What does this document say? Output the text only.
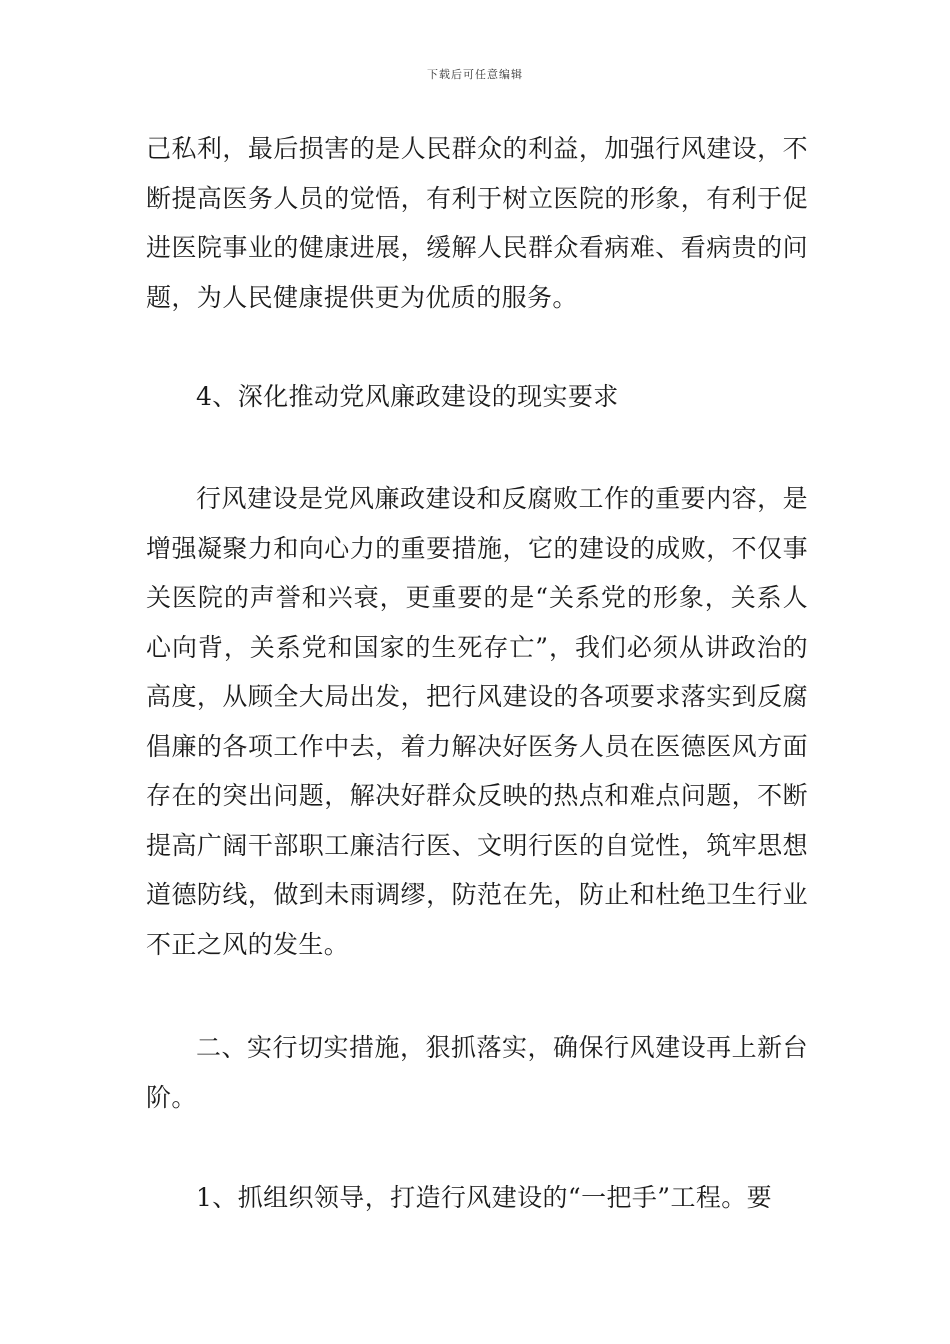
下载后可任意编辑

己私利，最后损害的是人民群众的利益，加强行风建设，不断提高医务人员的觉悟，有利于树立医院的形象，有利于促进医院事业的健康进展，缓解人民群众看病难、看病贵的问题，为人民健康提供更为优质的服务。

4、深化推动党风廉政建设的现实要求

行风建设是党风廉政建设和反腐败工作的重要内容，是增强凝聚力和向心力的重要措施，它的建设的成败，不仅事关医院的声誉和兴衰，更重要的是“关系党的形象，关系人心向背，关系党和国家的生死存亡”，我们必须从讲政治的高度，从顾全大局出发，把行风建设的各项要求落实到反腐倡廉的各项工作中去，着力解决好医务人员在医德医风方面存在的突出问题，解决好群众反映的热点和难点问题，不断提高广阔干部职工廉洁行医、文明行医的自觉性，筑牢思想道德防线，做到未雨调缪，防范在先，防止和杜绝卫生行业不正之风的发生。

二、实行切实措施，狠抓落实，确保行风建设再上新台阶。

1、抓组织领导，打造行风建设的“一把手”工程。要
